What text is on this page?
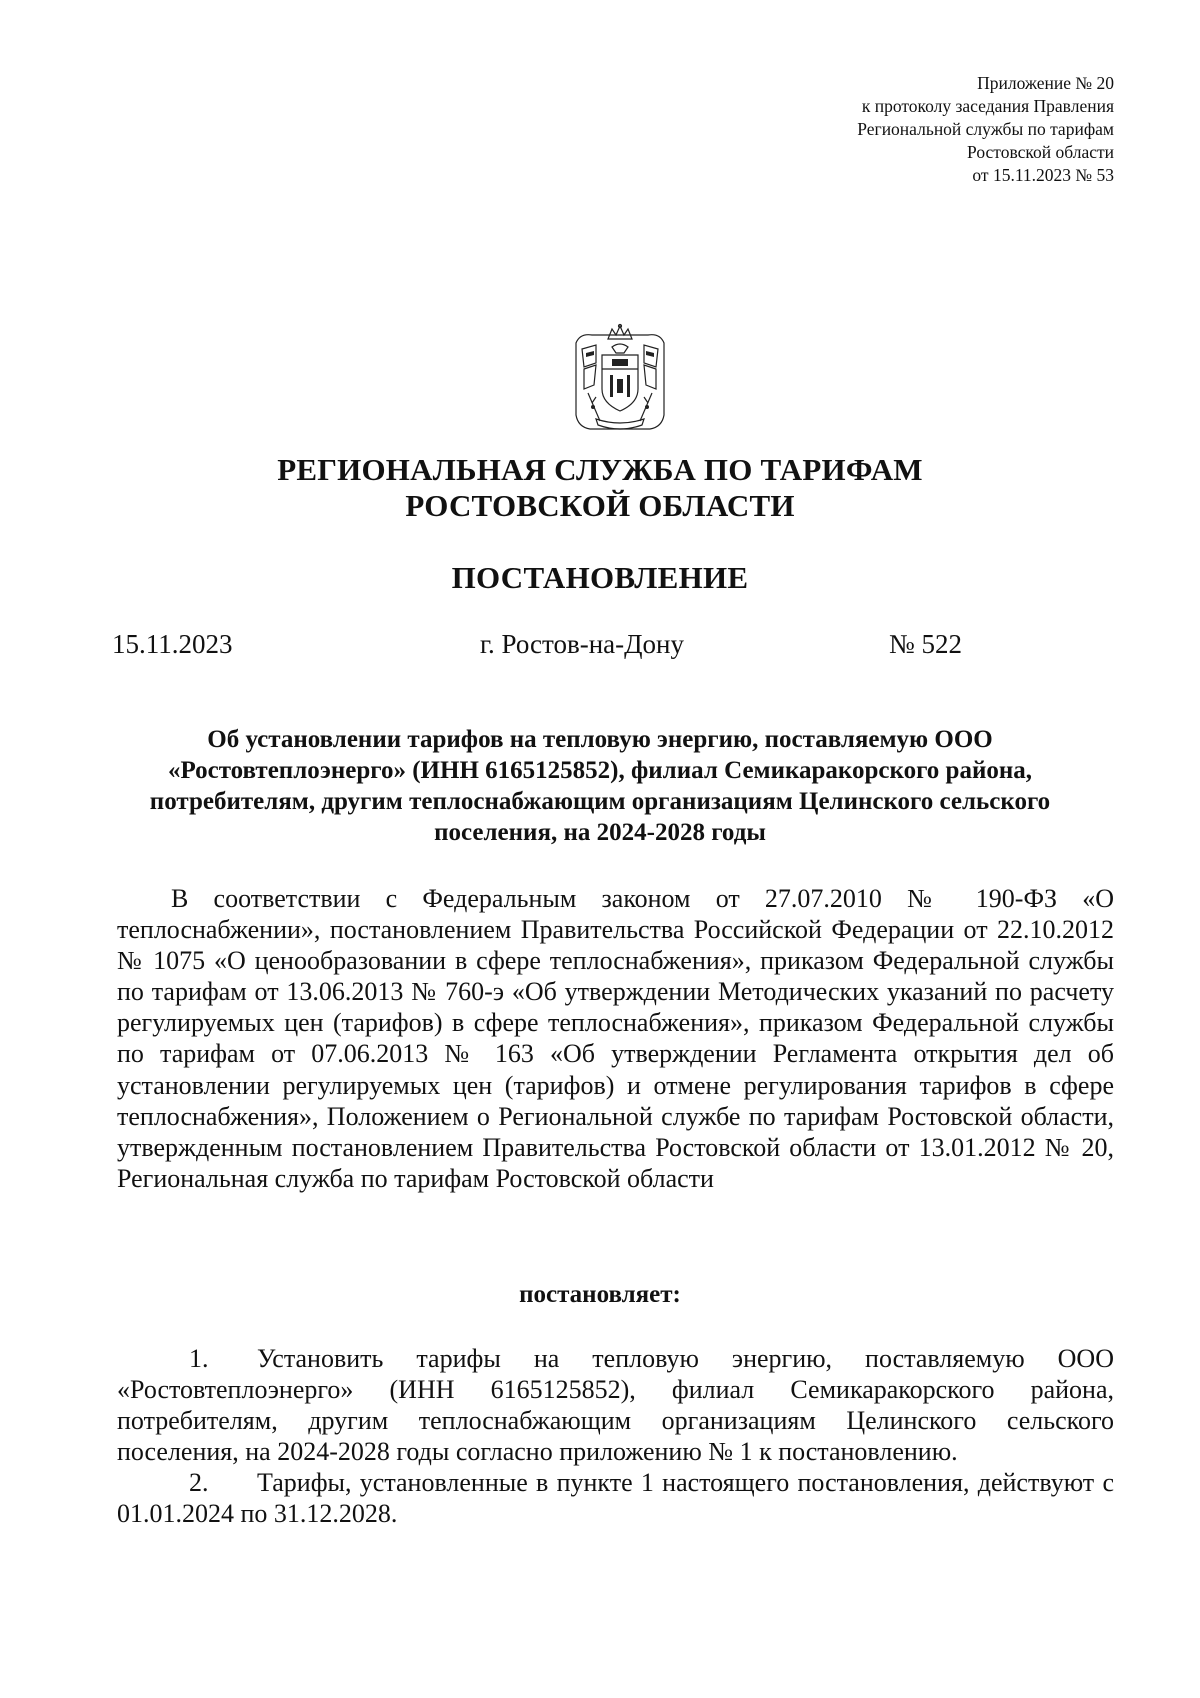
Приложение № 20
к протоколу заседания Правления
Региональной службы по тарифам
Ростовской области
от 15.11.2023 № 53
РЕГИОНАЛЬНАЯ СЛУЖБА ПО ТАРИФАМ
РОСТОВСКОЙ ОБЛАСТИ
ПОСТАНОВЛЕНИЕ
15.11.2023	г. Ростов-на-Дону	№ 522
Об установлении тарифов на тепловую энергию, поставляемую ООО «Ростовтеплоэнерго» (ИНН 6165125852), филиал Семикаракорского района, потребителям, другим теплоснабжающим организациям Целинского сельского поселения, на 2024-2028 годы
В соответствии с Федеральным законом от 27.07.2010 № 190-ФЗ «О теплоснабжении», постановлением Правительства Российской Федерации от 22.10.2012 № 1075 «О ценообразовании в сфере теплоснабжения», приказом Федеральной службы по тарифам от 13.06.2013 № 760-э «Об утверждении Методических указаний по расчету регулируемых цен (тарифов) в сфере теплоснабжения», приказом Федеральной службы по тарифам от 07.06.2013 № 163 «Об утверждении Регламента открытия дел об установлении регулируемых цен (тарифов) и отмене регулирования тарифов в сфере теплоснабжения», Положением о Региональной службе по тарифам Ростовской области, утвержденным постановлением Правительства Ростовской области от 13.01.2012 № 20, Региональная служба по тарифам Ростовской области
постановляет:
1. Установить тарифы на тепловую энергию, поставляемую ООО «Ростовтеплоэнерго» (ИНН 6165125852), филиал Семикаракорского района, потребителям, другим теплоснабжающим организациям Целинского сельского поселения, на 2024-2028 годы согласно приложению № 1 к постановлению.
2. Тарифы, установленные в пункте 1 настоящего постановления, действуют с 01.01.2024 по 31.12.2028.
